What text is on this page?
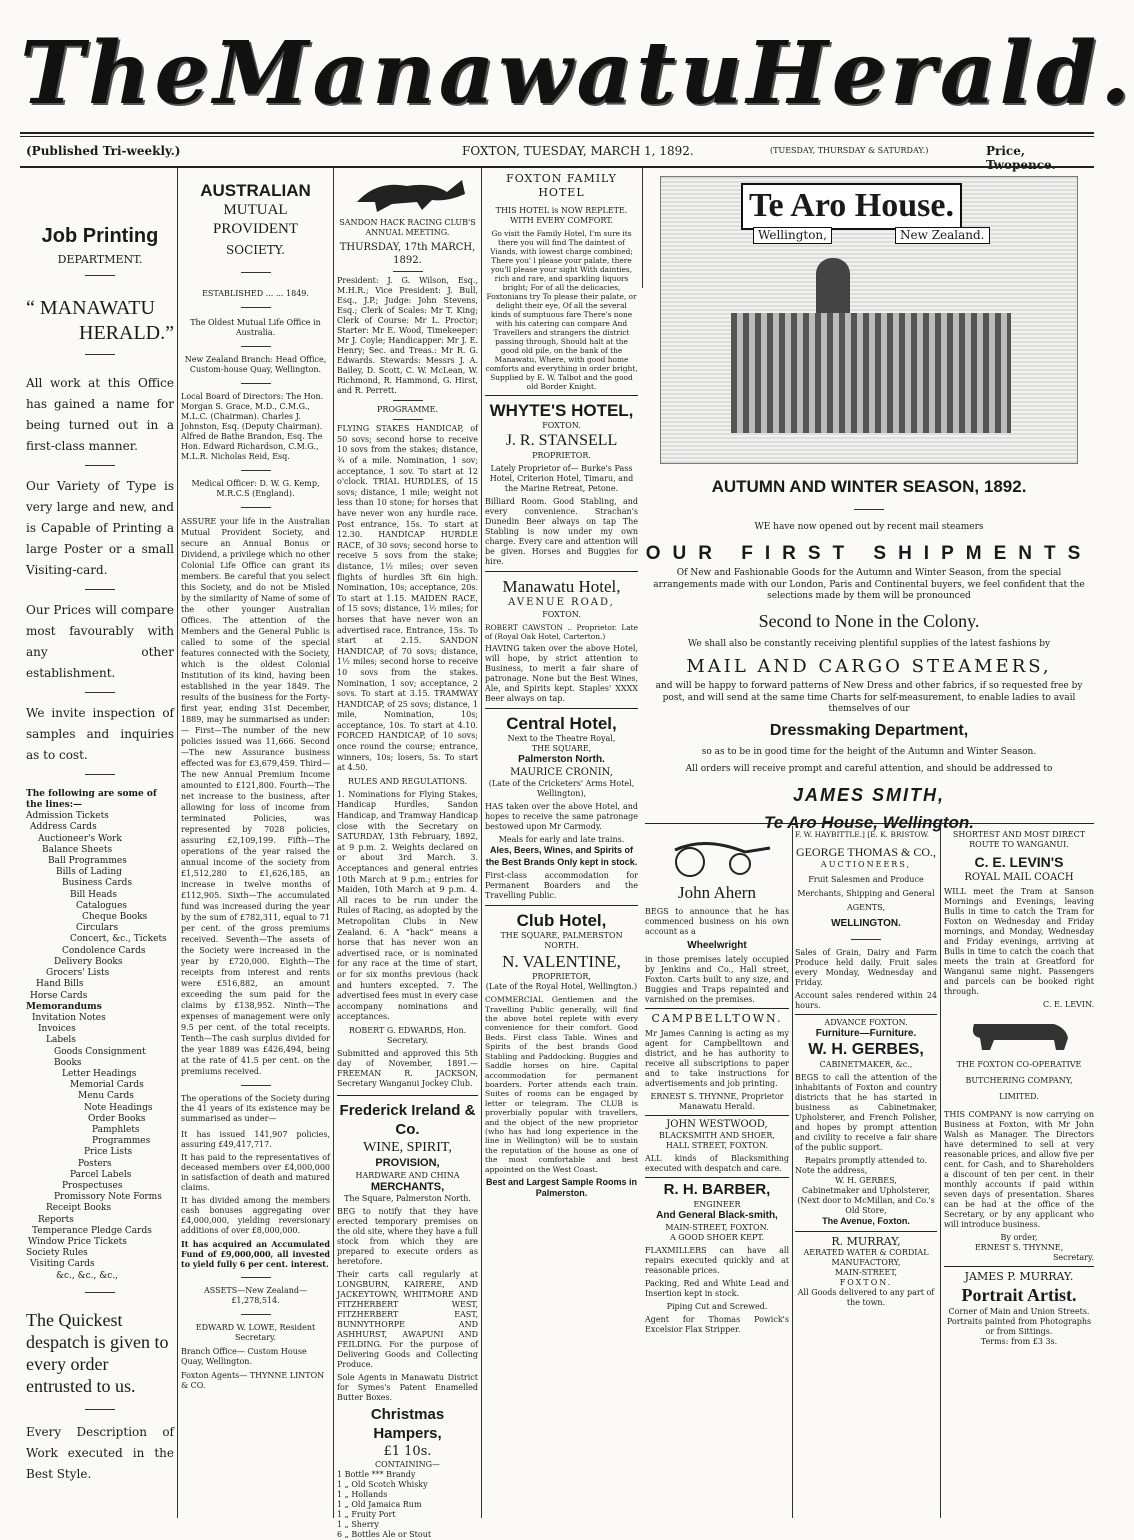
The Manawatu Herald.
(Published Tri-weekly.)	FOXTON, TUESDAY, MARCH 1, 1892.	(TUESDAY, THURSDAY & SATURDAY.)	Price, Twopence.
Job Printing
DEPARTMENT.
“ MANAWATU
HERALD.”

All work at this Office has gained a name for being turned out in a first-class manner.

Our Variety of Type is very large and new, and is Capable of Printing a large Poster or a small Visiting-card.

Our Prices will compare most favourably with any other establishment.

We invite inspection of samples and inquiries as to cost.

The following are some of the lines:—
Admission Tickets
Address Cards
Auctioneer's Work
Balance Sheets
Ball Programmes
Bills of Lading
Business Cards
Bill Heads
Catalogues
Cheque Books
Circulars
Concert, &c., Tickets
Condolence Cards
Delivery Books
Grocers' Lists
Hand Bills
Horse Cards
Memorandums
Invitation Notes
Invoices
Labels
Goods Consignment Books
Letter Headings
Memorial Cards
Menu Cards
Note Headings
Order Books
Pamphlets
Programmes
Price Lists
Posters
Parcel Labels
Prospectuses
Promissory Note Forms
Receipt Books
Reports
Temperance Pledge Cards
Window Price Tickets
Society Rules
Visiting Cards
&c., &c., &c.,

The Quickest despatch is given to every order entrusted to us.

Every Description of Work executed in the Best Style.

AUSTRALIAN
MUTUAL PROVIDENT
SOCIETY.
ESTABLISHED ... ... 1849.
The Oldest Mutual Life Office in Australia.
New Zealand Branch: Head Office, Custom-house Quay, Wellington.
Local Board of Directors: The Hon. Morgan S. Grace, M.D., C.M.G., M.L.C. (Chairman). Charles J. Johnston, Esq. (Deputy Chairman). Alfred de Bathe Brandon, Esq. The Hon. Edward Richardson, C.M.G., M.L.R. Nicholas Reid, Esq.
Medical Officer: D. W. G. Kemp, M.R.C.S (England).

ASSURE your life in the Australian Mutual Provident Society, and secure an Annual Bonus or Dividend, a privilege which no other Colonial Life Office can grant its members. Be careful that you select this Society, and do not be Misled by the similarity of Name of some of the other younger Australian Offices. The attention of the Members and the General Public is called to some of the special features connected with the Society, which is the oldest Colonial Institution of its kind, having been established in the year 1849. The results of the business for the Forty-first year, ending 31st December, 1889, may be summarised as under:— First—The number of the new policies issued was 11,666. Second—The new Assurance business effected was for £3,679,459. Third—The new Annual Premium Income amounted to £121,800. Fourth—The net increase to the business, after allowing for loss of income from terminated Policies, was represented by 7028 policies, assuring £2,109,199. Fifth—The operations of the year raised the annual income of the society from £1,512,280 to £1,626,185, an increase in twelve months of £112,905. Sixth—The accumulated fund was increased during the year by the sum of £782,311, equal to 71 per cent. of the gross premiums received. Seventh—The assets of the Society were increased in the year by £720,000. Eighth—The receipts from interest and rents were £516,882, an amount exceeding the sum paid for the claims by £138,952. Ninth—The expenses of management were only 9.5 per cent. of the total receipts. Tenth—The cash surplus divided for the year 1889 was £426,494, being at the rate of 41.5 per cent. on the premiums received.

The operations of the Society during the 41 years of its existence may be summarised as under—

It has issued 141,907 policies, assuring £49,417,717.

It has paid to the representatives of deceased members over £4,000,000 in satisfaction of death and matured claims.

It has divided among the members cash bonuses aggregating over £4,000,000, yielding reversionary additions of over £8,000,000.

It has acquired an Accumulated Fund of £9,000,000, all invested to yield fully 6 per cent. interest.

ASSETS—New Zealand—£1,278,514.
EDWARD W. LOWE, Resident Secretary.
Branch Office— Custom House Quay, Wellington.
Foxton Agents— THYNNE LINTON & CO.
SANDON HACK RACING CLUB'S ANNUAL MEETING.
THURSDAY, 17th MARCH, 1892.

President: J. G. Wilson, Esq., M.H.R.; Vice President: J. Bull, Esq., J.P.; Judge: John Stevens, Esq.; Clerk of Scales: Mr T. King; Clerk of Course: Mr L. Proctor; Starter: Mr E. Wood, Timekeeper: Mr J. Coyle; Handicapper: Mr J. E. Henry; Sec. and Treas.: Mr R. G. Edwards. Stewards: Messrs J. A. Bailey, D. Scott, C. W. McLean, W. Richmond, R. Hammond, G. Hirst, and R. Perrett.

PROGRAMME.

FLYING STAKES HANDICAP, of 50 sovs; second horse to receive 10 sovs from the stakes; distance, ¾ of a mile. Nomination, 1 sov; acceptance, 1 sov. To start at 12 o'clock. TRIAL HURDLES, of 15 sovs; distance, 1 mile; weight not less than 10 stone; for horses that have never won any hurdle race. Post entrance, 15s. To start at 12.30. HANDICAP HURDLE RACE, of 30 sovs; second horse to receive 5 sovs from the stake; distance, 1½ miles; over seven flights of hurdles 3ft 6in high. Nomination, 10s; acceptance, 20s. To start at 1.15. MAIDEN RACE, of 15 sovs; distance, 1½ miles; for horses that have never won an advertised race. Entrance, 15s. To start at 2.15. SANDON HANDICAP, of 70 sovs; distance, 1½ miles; second horse to receive 10 sovs from the stakes. Nomination, 1 sov; acceptance, 2 sovs. To start at 3.15. TRAMWAY HANDICAP, of 25 sovs; distance, 1 mile, Nomination, 10s; acceptance, 10s. To start at 4.10. FORCED HANDICAP, of 10 sovs; once round the course; entrance, winners, 10s; losers, 5s. To start at 4.50.

RULES AND REGULATIONS.

1. Nominations for Flying Stakes, Handicap Hurdles, Sandon Handicap, and Tramway Handicap close with the Secretary on SATURDAY, 13th February, 1892, at 9 p.m. 2. Weights declared on or about 3rd March. 3. Acceptances and general entries 10th March at 9 p.m.; entries for Maiden, 10th March at 9 p.m. 4. All races to be run under the Rules of Racing, as adopted by the Metropolitan Clubs in New Zealand. 6. A “hack” means a horse that has never won an advertised race, or is nominated for any race at the time of start, or for six months previous (hack and hunters excepted. 7. The advertised fees must in every case accompany nominations and acceptances.

ROBERT G. EDWARDS, Hon. Secretary.

Submitted and approved this 5th day of November, 1891.—FREEMAN R. JACKSON, Secretary Wanganui Jockey Club.

Frederick Ireland & Co.
WINE, SPIRIT,
PROVISION,
HARDWARE AND CHINA
MERCHANTS,
The Square, Palmerston North.

BEG to notify that they have erected temporary premises on the old site, where they have a full stock from which they are prepared to execute orders as heretofore.

Their carts call regularly at LONGBURN, KAIRERE, AND JACKEYTOWN, WHITMORE AND FITZHERBERT WEST, FITZHERBERT EAST, BUNNYTHORPE AND ASHHURST, AWAPUNI AND FEILDING. For the purpose of Delivering Goods and Collecting Produce.

Sole Agents in Manawatu District for Symes's Patent Enamelled Butter Boxes.

Christmas Hampers,
£1 10s.
CONTAINING—
1 Bottle *** Brandy
1 „ Old Scotch Whisky
1 „ Hollands
1 „ Old Jamaica Rum
1 „ Fruity Port
1 „ Sherry
6 „ Bottles Ale or Stout
FOXTON FAMILY HOTEL
THIS HOTEL is NOW REPLETE. WITH EVERY COMFORT.

Go visit the Family Hotel, I'm sure its there you will find The daintest of Viands, with lowest charge combined; There you' l please your palate, there you'll please your sight With dainties, rich and rare, and sparkling liquors bright; For of all the delicacies, Foxtonians try To please their palate, or delight their eye, Of all the several kinds of sumptuous fare There's none with his catering can compare And Travellers and strangers the district passing through, Should halt at the good old pile, on the bank of the Manawatu, Where, with good home comforts and everything in order bright, Supplied by E. W. Talbot and the good old Border Knight.

WHYTE'S HOTEL,
FOXTON.
J. R. STANSELL
PROPRIETOR.

Lately Proprietor of— Burke's Pass Hotel, Criterion Hotel, Timaru, and the Marine Retreat, Petone.

Billiard Room. Good Stabling, and every convenience. Strachan's Dunedin Beer always on tap The Stabling is now under my own charge. Every care and attention will be given. Horses and Buggies for hire.

Manawatu Hotel,
AVENUE ROAD,
FOXTON.

ROBERT CAWSTON .. Proprietor. Late of (Royal Oak Hotel, Carterton.)

HAVING taken over the above Hotel, will hope, by strict attention to Business, to merit a fair share of patronage. None but the Best Wines, Ale, and Spirits kept. Staples' XXXX Beer always on tap.

Central Hotel,
Next to the Theatre Royal,
THE SQUARE,
Palmerston North.
MAURICE CRONIN,
(Late of the Cricketers' Arms Hotel, Wellington),

HAS taken over the above Hotel, and hopes to receive the same patronage bestowed upon Mr Carmody.

Meals for early and late trains.
Ales, Beers, Wines, and Spirits of the Best Brands Only kept in stock.

First-class accommodation for Permanent Boarders and the Travelling Public.

Club Hotel,
THE SQUARE, PALMERSTON NORTH.
N. VALENTINE,
PROPRIETOR,
(Late of the Royal Hotel, Wellington.)

COMMERCIAL Gentlemen and the Travelling Public generally, will find the above hotel replete with every convenience for their comfort. Good Beds. First class Table. Wines and Spirits of the best brands Good Stabling and Paddocking. Buggies and Saddle horses on hire. Capital accommodation for permanent boarders. Porter attends each train. Suites of rooms can be engaged by letter or telegram. The CLUB is proverbially popular with travellers, and the object of the new proprietor (who has had long experience in the line in Wellington) will be to sustain the reputation of the house as one of the most comfortable and best appointed on the West Coast.

Best and Largest Sample Rooms in Palmerston.
Te Aro House.
Wellington,	New Zealand.
AUTUMN AND WINTER SEASON, 1892.
WE have now opened out by recent mail steamers
OUR FIRST SHIPMENTS

Of New and Fashionable Goods for the Autumn and Winter Season, from the special arrangements made with our London, Paris and Continental buyers, we feel confident that the selections made by them will be pronounced

Second to None in the Colony.
We shall also be constantly receiving plentiful supplies of the latest fashions by
MAIL AND CARGO STEAMERS,

and will be happy to forward patterns of New Dress and other fabrics, if so requested free by post, and will send at the same time Charts for self-measurement, to enable ladies to avail themselves of our

Dressmaking Department,
so as to be in good time for the height of the Autumn and Winter Season.
All orders will receive prompt and careful attention, and should be addressed to
JAMES SMITH,
Te Aro House, Wellington.
John Ahern

BEGS to announce that he has commenced business on his own account as a

Wheelwright

in those premises lately occupied by Jenkins and Co., Hall street, Foxton. Carts built to any size, and Buggies and Traps repainted and varnished on the premises.

CAMPBELLTOWN.

Mr James Canning is acting as my agent for Campbelltown and district, and he has authority to receive all subscriptions to paper and to take instructions for advertisements and job printing.

ERNEST S. THYNNE, Proprietor Manawatu Herald.
JOHN WESTWOOD,
BLACKSMITH AND SHOER,
HALL STREET, FOXTON.

ALL kinds of Blacksmithing executed with despatch and care.

R. H. BARBER,
ENGINEER
And General Black-smith,
MAIN-STREET, FOXTON.
A GOOD SHOER KEPT.

FLAXMILLERS can have all repairs executed quickly and at reasonable prices.

Packing, Red and White Lead and Insertion kept in stock.

Piping Cut and Screwed.

Agent for Thomas Powick's Excelsior Flax Stripper.

F. W. HAYBITTLE.] [E. K. BRISTOW.
GEORGE THOMAS & CO.,
AUCTIONEERS,

Fruit Salesmen and Produce Merchants, Shipping and General AGENTS,

WELLINGTON.

Sales of Grain, Dairy and Farm Produce held daily. Fruit sales every Monday, Wednesday and Friday.

Account sales rendered within 24 hours.

ADVANCE FOXTON.
Furniture—Furniture.
W. H. GERBES,
CABINETMAKER, &c.,

BEGS to call the attention of the inhabitants of Foxton and country districts that he has started in business as Cabinetmaker, Upholsterer, and French Polisher, and hopes by prompt attention and civility to receive a fair share of the public support.

Repairs promptly attended to.
Note the address,
W. H. GERBES,
Cabinetmaker and Upholsterer,
(Next door to McMillan, and Co.'s Old Store,
The Avenue, Foxton.
R. MURRAY,
AERATED WATER & CORDIAL MANUFACTORY,
MAIN-STREET,
FOXTON.
All Goods delivered to any part of the town.
SHORTEST AND MOST DIRECT ROUTE TO WANGANUI.
C. E. LEVIN'S
ROYAL MAIL COACH

WILL meet the Tram at Sanson Mornings and Evenings, leaving Bulls in time to catch the Tram for Foxton on Wednesday and Friday mornings, and Monday, Wednesday and Friday evenings, arriving at Bulls in time to catch the coach that meets the train at Greatford for Wanganui same night. Passengers and parcels can be booked right through.

C. E. LEVIN.
THE FOXTON CO-OPERATIVE
BUTCHERING COMPANY,
LIMITED.

THIS COMPANY is now carrying on Business at Foxton, with Mr John Walsh as Manager. The Directors have determined to sell at very reasonable prices, and allow five per cent. for Cash, and to Shareholders a discount of ten per cent. in their monthly accounts if paid within seven days of presentation. Shares can be had at the office of the Secretary, or by any applicant who will introduce business.

By order,
ERNEST S. THYNNE,
Secretary.
JAMES P. MURRAY.
Portrait Artist.
Corner of Main and Union Streets.
Portraits painted from Photographs or from Sittings.
Terms: from £3 3s.
